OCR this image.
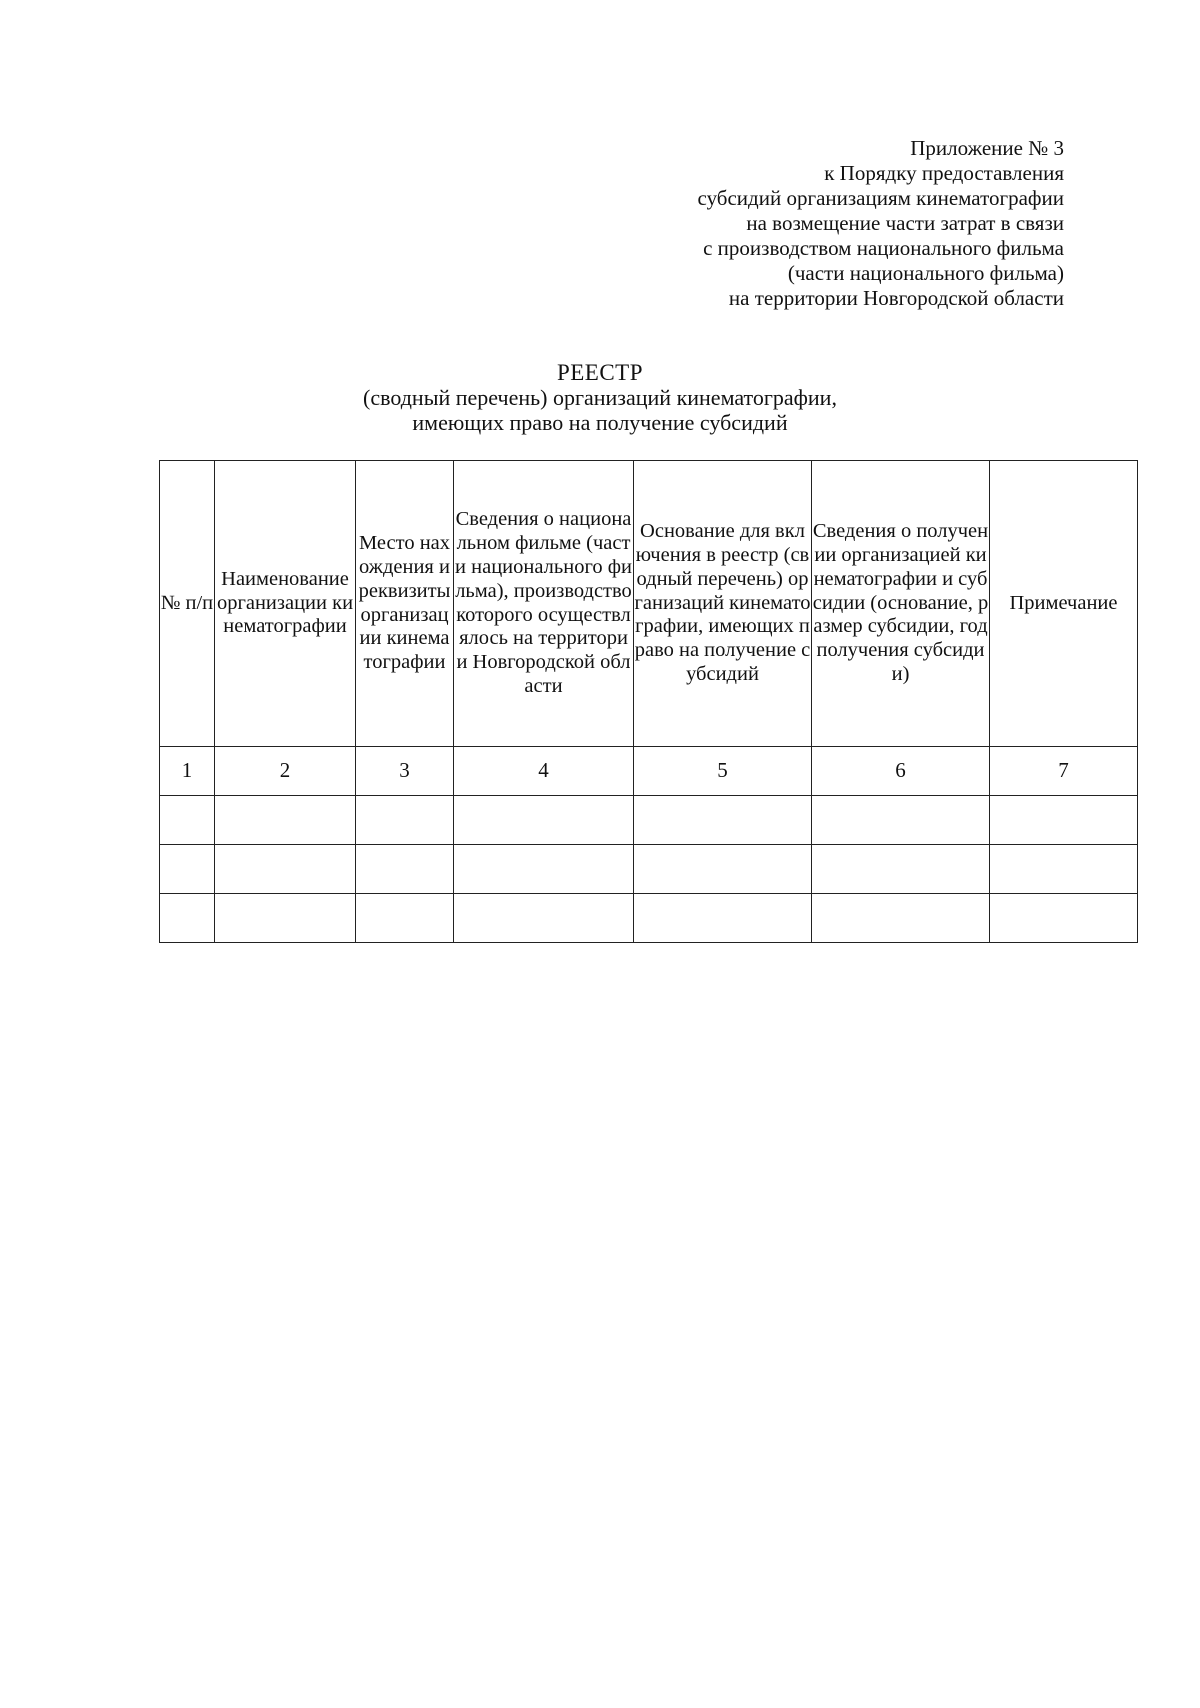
Приложение № 3
к Порядку предоставления
субсидий организациям кинематографии
на возмещение части затрат в связи
с производством национального фильма
(части национального фильма)
на территории Новгородской области
РЕЕСТР
(сводный перечень) организаций кинематографии,
имеющих право на получение субсидий
№ п/п	Наименование организации кинематографии	Место нахождения и реквизиты организации кинематографии	Сведения о национальном фильме (части национального фильма), производство которого осуществлялось на территории Новгородской области	Основание для включения в реестр (сводный перечень) организаций кинематографии, имеющих право на получение субсидий	Сведения о получении организацией кинематографии и субсидии (основание, размер субсидии, год получения субсидии)	Примечание

1	2	3	4	5	6	7
